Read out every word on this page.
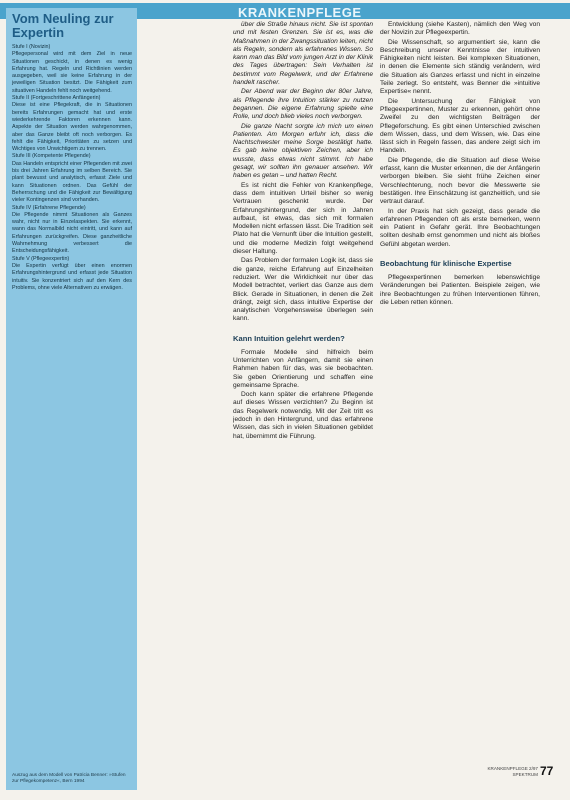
KRANKENPFLEGE
Vom Neuling zur Expertin
Stufe I (Novizin)
Pflegepersonal wird mit dem Ziel in neue Situationen geschickt, in denen es wenig Erfahrung hat. Regeln und Richtlinien werden ausgegeben, weil sie keine Erfahrung in der jeweiligen Situation besitzt. Die Fähigkeit zum situativen Handeln fehlt noch weitgehend.
Stufe II (Fortgeschrittene Anfängerin)
Diese ist eine Pflegekraft, die in Situationen bereits Erfahrungen gemacht hat und erste wiederkehrende Faktoren erkennen kann. Aspekte der Situation werden wahrgenommen, aber das Ganze bleibt oft noch verborgen. Es fehlt die Fähigkeit, Prioritäten zu setzen und Wichtiges von Unwichtigem zu trennen.
Stufe III (Kompetente Pflegende)
Das Handeln entspricht einer Pflegenden mit zwei bis drei Jahren Erfahrung im selben Bereich. Sie plant bewusst und analytisch, erfasst Ziele und kann Situationen ordnen. Das Gefühl der Beherrschung und die Fähigkeit zur Bewältigung vieler Kontingenzen sind vorhanden.
Stufe IV (Erfahrene Pflegende)
Die Pflegende nimmt Situationen als Ganzes wahr, nicht nur in Einzelaspekten. Sie erkennt, wann das Normalbild nicht eintritt, und kann auf Erfahrungen zurückgreifen. Diese ganzheitliche Wahrnehmung verbessert die Entscheidungsfähigkeit.
Stufe V (Pflegeexpertin)
Die Expertin verfügt über einen enormen Erfahrungshintergrund und erfasst jede Situation intuitiv. Sie konzentriert sich auf den Kern des Problems, ohne viele Alternativen zu erwägen.
Auszug aus dem Modell von Patricia Benner: »Stufen zur Pflegekompetenz«, Bern 1994

über die Straße hinaus nicht. Sie ist spontan und mit festen Grenzen. Sie ist es, was die Maßnahmen in der Zwangssituation leiten, nicht als Regeln, sondern als erfahrenes Wissen. So kann man das Bild vom jungen Arzt in der Klinik des Tages übertragen: Sein Verhalten ist bestimmt vom Regelwerk, und der Erfahrene handelt rascher.

Der Abend war der Beginn der 80er Jahre, als Pflegende ihre Intuition stärker zu nutzen begannen. Die eigene Erfahrung spielte eine Rolle, und doch blieb vieles noch verborgen.

Die ganze Nacht sorgte ich mich um einen Patienten. Am Morgen erfuhr ich, dass die Nachtschwester meine Sorge bestätigt hatte. Es gab keine objektiven Zeichen, aber ich wusste, dass etwas nicht stimmt. Ich habe gesagt, wir sollten ihn genauer ansehen. Wir haben es getan – und hatten Recht.

Es ist nicht die Fehler von Krankenpflege, dass dem intuitiven Urteil bisher so wenig Vertrauen geschenkt wurde. Der Erfahrungshintergrund, der sich in Jahren aufbaut, ist etwas, das sich mit formalen Modellen nicht erfassen lässt. Die Tradition seit Plato hat die Vernunft über die Intuition gestellt, und die moderne Medizin folgt weitgehend dieser Haltung.

Das Problem der formalen Logik ist, dass sie die ganze, reiche Erfahrung auf Einzelheiten reduziert. Wer die Wirklichkeit nur über das Modell betrachtet, verliert das Ganze aus dem Blick. Gerade in Situationen, in denen die Zeit drängt, zeigt sich, dass intuitive Expertise der analytischen Vorgehensweise überlegen sein kann.

Kann Intuition gelehrt werden?

Formale Modelle sind hilfreich beim Unterrichten von Anfängern, damit sie einen Rahmen haben für das, was sie beobachten. Sie geben Orientierung und schaffen eine gemeinsame Sprache.

Doch kann später die erfahrene Pflegende auf dieses Wissen verzichten? Zu Beginn ist das Regelwerk notwendig. Mit der Zeit tritt es jedoch in den Hintergrund, und das erfahrene Wissen, das sich in vielen Situationen gebildet hat, übernimmt die Führung.

Entwicklung (siehe Kasten), nämlich den Weg von der Novizin zur Pflegeexpertin.

Die Wissenschaft, so argumentiert sie, kann die Beschreibung unserer Kenntnisse der intuitiven Fähigkeiten nicht leisten. Bei komplexen Situationen, in denen die Elemente sich ständig verändern, wird die Situation als Ganzes erfasst und nicht in einzelne Teile zerlegt. So entsteht, was Benner die »intuitive Expertise« nennt.

Die Untersuchung der Fähigkeit von Pflegeexpertinnen, Muster zu erkennen, gehört ohne Zweifel zu den wichtigsten Beiträgen der Pflegeforschung. Es gibt einen Unterschied zwischen dem Wissen, dass, und dem Wissen, wie. Das eine lässt sich in Regeln fassen, das andere zeigt sich im Handeln.

Die Pflegende, die die Situation auf diese Weise erfasst, kann die Muster erkennen, die der Anfängerin verborgen bleiben. Sie sieht frühe Zeichen einer Verschlechterung, noch bevor die Messwerte sie bestätigen. Ihre Einschätzung ist ganzheitlich, und sie vertraut darauf.

In der Praxis hat sich gezeigt, dass gerade die erfahrenen Pflegenden oft als erste bemerken, wenn ein Patient in Gefahr gerät. Ihre Beobachtungen sollten deshalb ernst genommen und nicht als bloßes Gefühl abgetan werden.

Beobachtung für klinische Expertise

Pflegeexpertinnen bemerken lebenswichtige Veränderungen bei Patienten. Beispiele zeigen, wie ihre Beobachtungen zu frühen Interventionen führen, die Leben retten können.

KRANKENPFLEGE 2/97
SPEKTRUM 77
